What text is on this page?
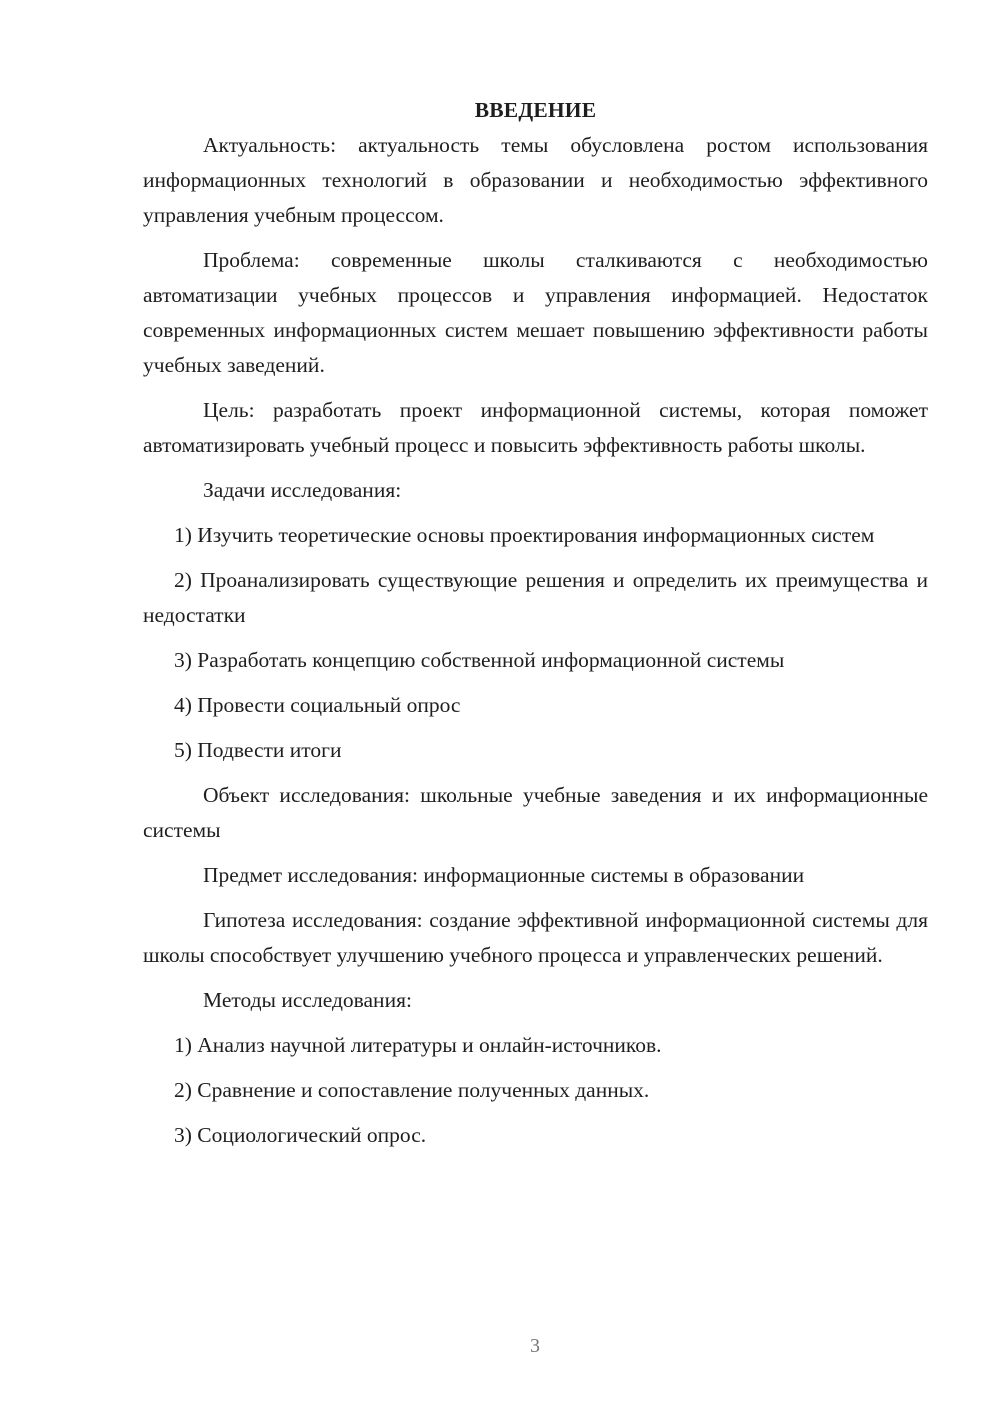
ВВЕДЕНИЕ

Актуальность: актуальность темы обусловлена ростом использования информационных технологий в образовании и необходимостью эффективного управления учебным процессом.

Проблема: современные школы сталкиваются с необходимостью автоматизации учебных процессов и управления информацией. Недостаток современных информационных систем мешает повышению эффективности работы учебных заведений.

Цель: разработать проект информационной системы, которая поможет автоматизировать учебный процесс и повысить эффективность работы школы.

Задачи исследования:

1) Изучить теоретические основы проектирования информационных систем

2) Проанализировать существующие решения и определить их преимущества и недостатки

3) Разработать концепцию собственной информационной системы

4) Провести социальный опрос

5) Подвести итоги

Объект исследования: школьные учебные заведения и их информационные системы

Предмет исследования: информационные системы в образовании

Гипотеза исследования: создание эффективной информационной системы для школы способствует улучшению учебного процесса и управленческих решений.

Методы исследования:

1) Анализ научной литературы и онлайн-источников.

2) Сравнение и сопоставление полученных данных.

3) Социологический опрос.

3
